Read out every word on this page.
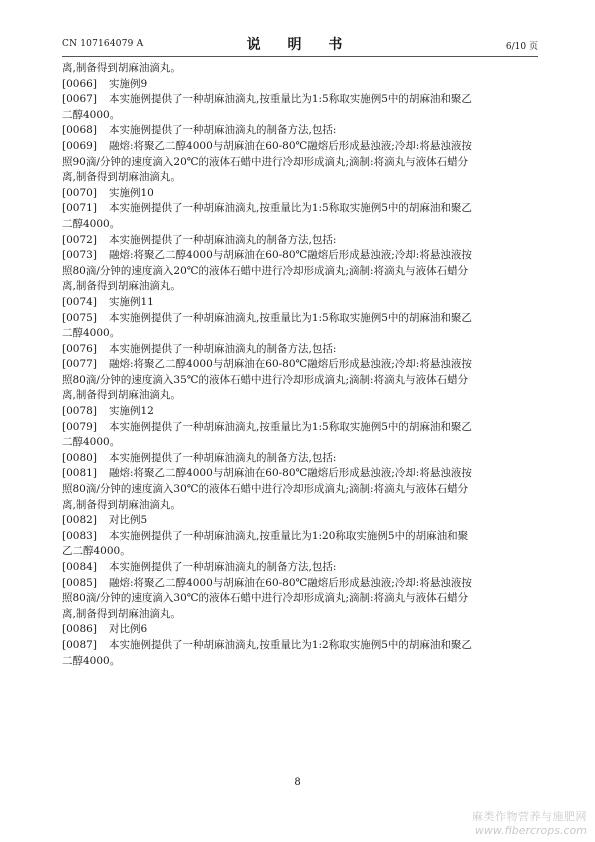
CN 107164079 A	说 明 书	6/10 页
离,制备得到胡麻油滴丸。
[0066]	实施例9
[0067]	本实施例提供了一种胡麻油滴丸,按重量比为1:5称取实施例5中的胡麻油和聚乙
二醇4000。
[0068]	本实施例提供了一种胡麻油滴丸的制备方法,包括:
[0069]	融熔:将聚乙二醇4000与胡麻油在60-80℃融熔后形成悬浊液;冷却:将悬浊液按
照90滴/分钟的速度滴入20℃的液体石蜡中进行冷却形成滴丸;滴制:将滴丸与液体石蜡分
离,制备得到胡麻油滴丸。
[0070]	实施例10
[0071]	本实施例提供了一种胡麻油滴丸,按重量比为1:5称取实施例5中的胡麻油和聚乙
二醇4000。
[0072]	本实施例提供了一种胡麻油滴丸的制备方法,包括:
[0073]	融熔:将聚乙二醇4000与胡麻油在60-80℃融熔后形成悬浊液;冷却:将悬浊液按
照80滴/分钟的速度滴入20℃的液体石蜡中进行冷却形成滴丸;滴制:将滴丸与液体石蜡分
离,制备得到胡麻油滴丸。
[0074]	实施例11
[0075]	本实施例提供了一种胡麻油滴丸,按重量比为1:5称取实施例5中的胡麻油和聚乙
二醇4000。
[0076]	本实施例提供了一种胡麻油滴丸的制备方法,包括:
[0077]	融熔:将聚乙二醇4000与胡麻油在60-80℃融熔后形成悬浊液;冷却:将悬浊液按
照80滴/分钟的速度滴入35℃的液体石蜡中进行冷却形成滴丸;滴制:将滴丸与液体石蜡分
离,制备得到胡麻油滴丸。
[0078]	实施例12
[0079]	本实施例提供了一种胡麻油滴丸,按重量比为1:5称取实施例5中的胡麻油和聚乙
二醇4000。
[0080]	本实施例提供了一种胡麻油滴丸的制备方法,包括:
[0081]	融熔:将聚乙二醇4000与胡麻油在60-80℃融熔后形成悬浊液;冷却:将悬浊液按
照80滴/分钟的速度滴入30℃的液体石蜡中进行冷却形成滴丸;滴制:将滴丸与液体石蜡分
离,制备得到胡麻油滴丸。
[0082]	对比例5
[0083]	本实施例提供了一种胡麻油滴丸,按重量比为1:20称取实施例5中的胡麻油和聚
乙二醇4000。
[0084]	本实施例提供了一种胡麻油滴丸的制备方法,包括:
[0085]	融熔:将聚乙二醇4000与胡麻油在60-80℃融熔后形成悬浊液;冷却:将悬浊液按
照80滴/分钟的速度滴入30℃的液体石蜡中进行冷却形成滴丸;滴制:将滴丸与液体石蜡分
离,制备得到胡麻油滴丸。
[0086]	对比例6
[0087]	本实施例提供了一种胡麻油滴丸,按重量比为1:2称取实施例5中的胡麻油和聚乙
二醇4000。
8
麻类作物营养与施肥网
www.fibercrops.com
